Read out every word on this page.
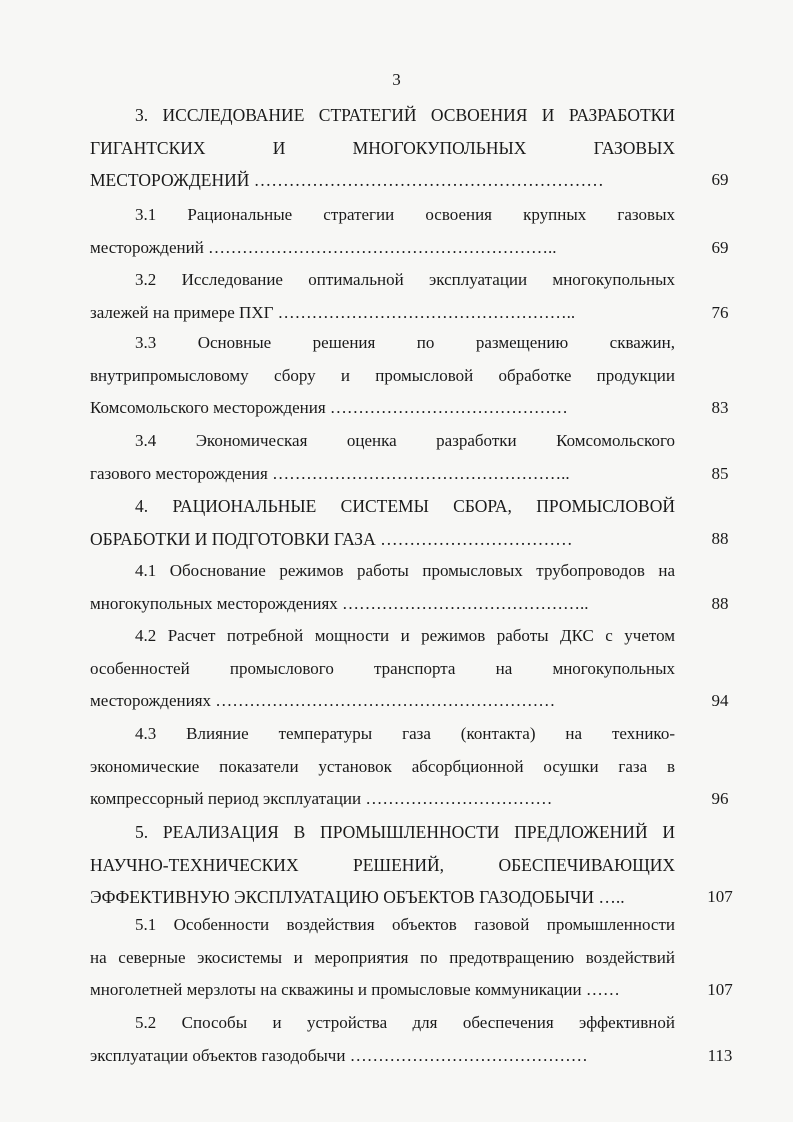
3
3. ИССЛЕДОВАНИЕ СТРАТЕГИЙ ОСВОЕНИЯ И РАЗРАБОТКИ
ГИГАНТСКИХ И МНОГОКУПОЛЬНЫХ ГАЗОВЫХ
МЕСТОРОЖДЕНИЙ ……………………………………………………	69
3.1 Рациональные стратегии освоения крупных газовых
месторождений ……………………………………………………..	69
3.2 Исследование оптимальной эксплуатации многокупольных
залежей на примере ПХГ ……………………………………………..	76
3.3 Основные решения по размещению скважин,
внутрипромысловому сбору и промысловой обработке продукции
Комсомольского месторождения ……………………………………	83
3.4 Экономическая оценка разработки Комсомольского
газового месторождения ……………………………………………..	85
4. РАЦИОНАЛЬНЫЕ СИСТЕМЫ СБОРА, ПРОМЫСЛОВОЙ
ОБРАБОТКИ И ПОДГОТОВКИ ГАЗА ……………………………	88
4.1 Обоснование режимов работы промысловых трубопроводов на
многокупольных месторождениях ……………………………………..	88
4.2 Расчет потребной мощности и режимов работы ДКС с учетом
особенностей промыслового транспорта на многокупольных
месторождениях ……………………………………………………	94
4.3 Влияние температуры газа (контакта) на технико-
экономические показатели установок абсорбционной осушки газа в
компрессорный период эксплуатации ……………………………	96
5. РЕАЛИЗАЦИЯ В ПРОМЫШЛЕННОСТИ ПРЕДЛОЖЕНИЙ И
НАУЧНО-ТЕХНИЧЕСКИХ РЕШЕНИЙ, ОБЕСПЕЧИВАЮЩИХ
ЭФФЕКТИВНУЮ ЭКСПЛУАТАЦИЮ ОБЪЕКТОВ ГАЗОДОБЫЧИ …..	107
5.1 Особенности воздействия объектов газовой промышленности
на северные экосистемы и мероприятия по предотвращению воздействий
многолетней мерзлоты на скважины и промысловые коммуникации ……	107
5.2 Способы и устройства для обеспечения эффективной
эксплуатации объектов газодобычи ……………………………………	113
